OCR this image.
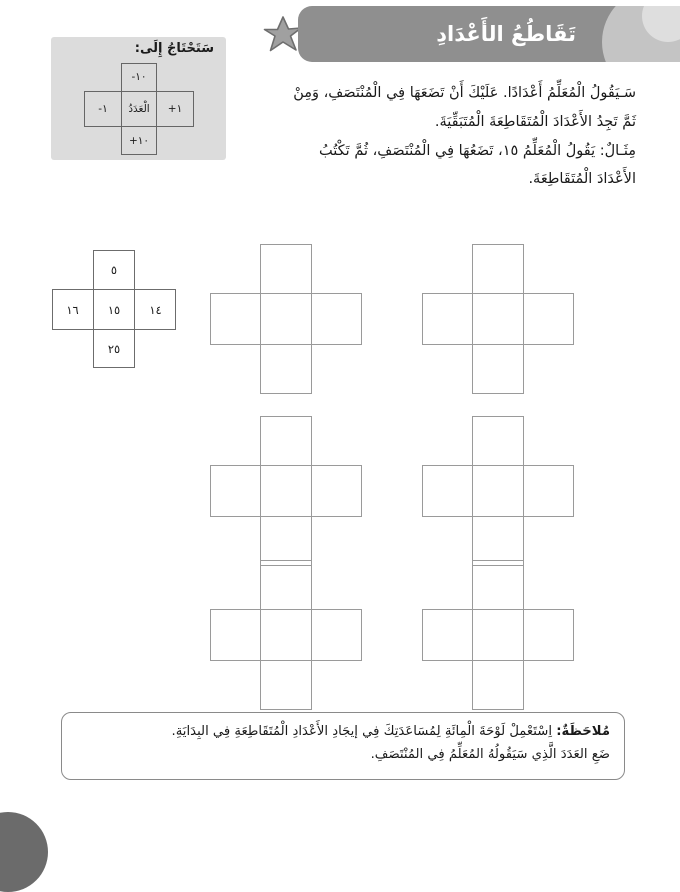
تَقَاطُعُ الأَعْدَادِ
سَتَحْتَاجُ إِلَى:
١٠-
١-	الْعَدَدُ	١+
١٠+

سَـيَقُولُ الْمُعَلِّمُ أَعْدَادًا. عَلَيْكَ أَنْ تَضَعَهَا فِي الْمُنْتَصَفِ، وَمِنْ

ثَمَّ تَجِدُ الأَعْدَادَ الْمُتَقَاطِعَةَ الْمُتَبَقِّيَةَ.

مِثَـالٌ: يَقُولُ الْمُعَلِّمُ ١٥، تَضَعُهَا فِي الْمُنْتَصَفِ، ثُمَّ تَكْتُبُ

الأَعْدَادَ الْمُتَقَاطِعَةَ.

٥
١٤
١٥
١٦
٢٥

مُلاحَظَةٌ: اِسْتَعْمِلْ لَوْحَةَ الْمِائَةِ لِمُسَاعَدَتِكَ فِي إيجَادِ الأَعْدَادِ الْمُتَقَاطِعَةِ فِي البِدَايَةِ.

ضَعِ العَدَدَ الَّذِي سَيَقُولُهُ المُعَلِّمُ فِي المُنْتَصَفِ.
